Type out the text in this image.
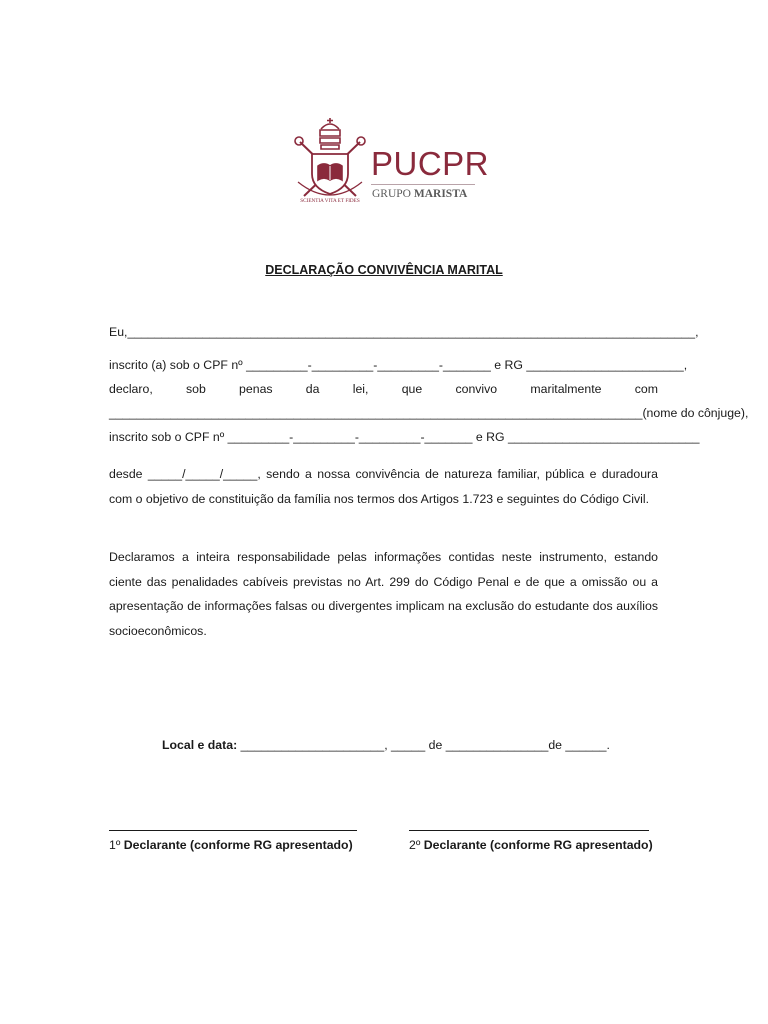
SCIENTIA VITA ET FIDES
PUCPR
GRUPO MARISTA
DECLARAÇÃO CONVIVÊNCIA MARITAL
Eu,___________________________________________________________________________________,
inscrito (a) sob o CPF nº _________-_________-_________-_______ e RG _______________________,
declaro,	sob	penas	da	lei,	que	convivo	maritalmente	com
______________________________________________________________________________ (nome do cônjuge),
inscrito sob o CPF nº _________-_________-_________-_______ e RG ____________________________
desde _____/_____/_____, sendo a nossa convivência de natureza familiar, pública e duradoura com o objetivo de constituição da família nos termos dos Artigos 1.723 e seguintes do Código Civil.
Declaramos a inteira responsabilidade pelas informações contidas neste instrumento, estando ciente das penalidades cabíveis previstas no Art. 299 do Código Penal e de que a omissão ou a apresentação de informações falsas ou divergentes implicam na exclusão do estudante dos auxílios socioeconômicos.
Local e data: _____________________, _____ de _______________de ______.
1º Declarante (conforme RG apresentado)	2º Declarante (conforme RG apresentado)
